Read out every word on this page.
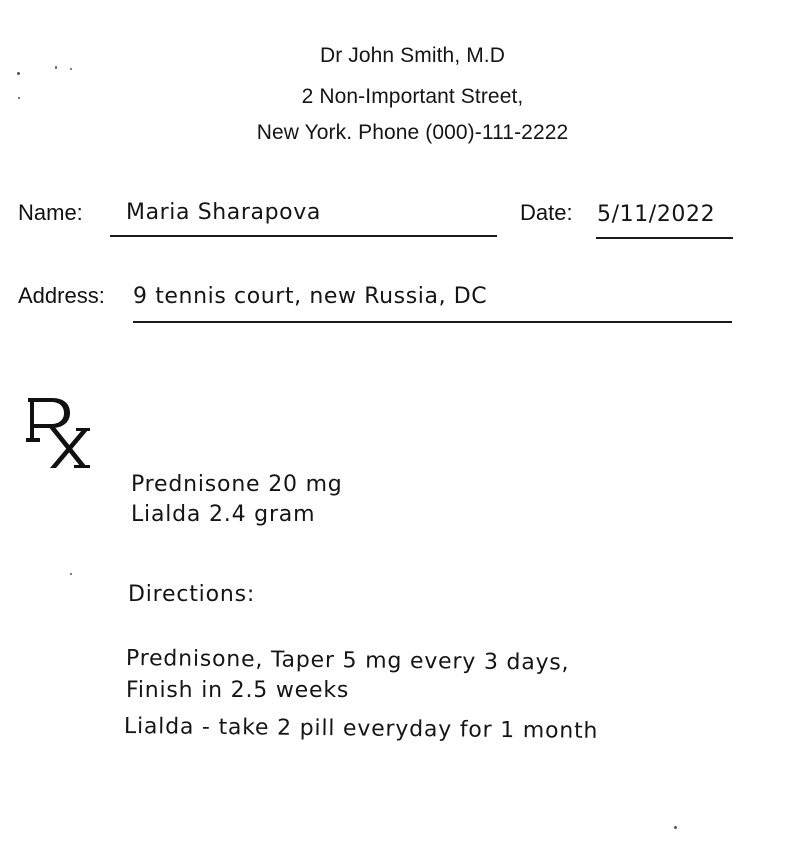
Dr John Smith, M.D
2 Non-Important Street,
New York. Phone (000)-111-2222
Name: Maria Sharapova	Date: 5/11/2022
Address: 9 tennis court, new Russia, DC
Prednisone 20 mg
Lialda 2.4 gram
Directions:
Prednisone, Taper 5 mg every 3 days,
Finish in 2.5 weeks
Lialda - take 2 pill everyday for 1 month
